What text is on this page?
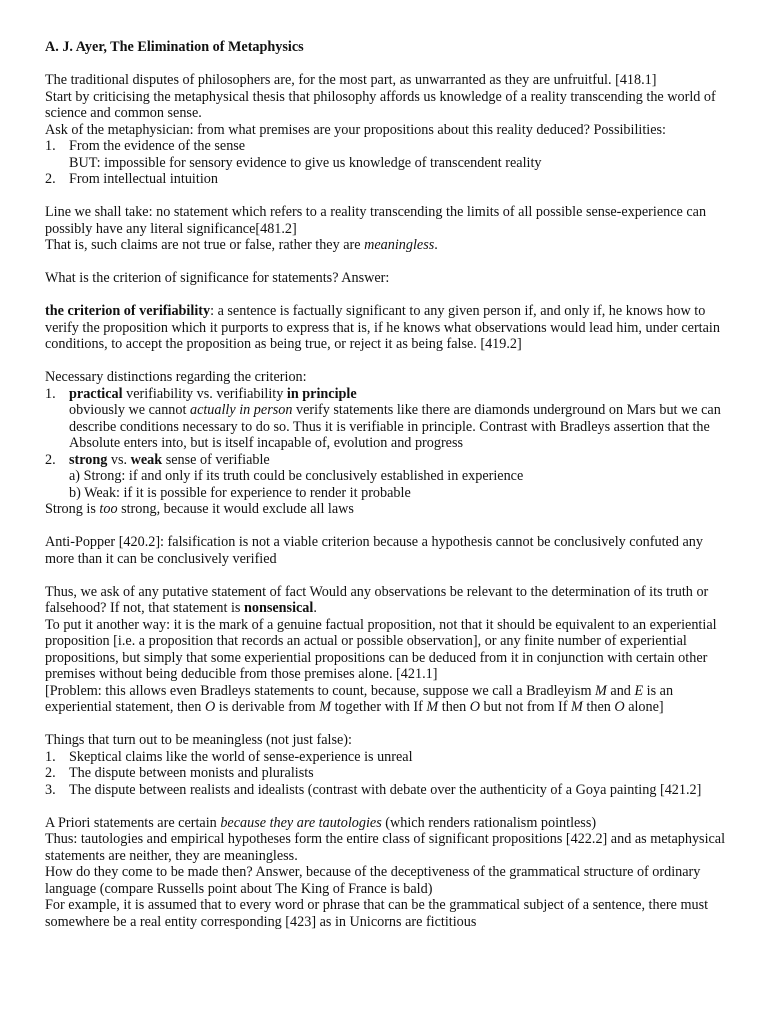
A. J. Ayer, The Elimination of Metaphysics

The traditional disputes of philosophers are, for the most part, as unwarranted as they are unfruitful. [418.1]

Start by criticising the metaphysical thesis that philosophy affords us knowledge of a reality transcending the world of science and common sense.

Ask of the metaphysician: from what premises are your propositions about this reality deduced? Possibilities:

1. From the evidence of the sense
BUT: impossible for sensory evidence to give us knowledge of transcendent reality
2. From intellectual intuition

Line we shall take: no statement which refers to a reality transcending the limits of all possible sense-experience can possibly have any literal significance[481.2]

That is, such claims are not true or false, rather they are meaningless.

What is the criterion of significance for statements? Answer:

the criterion of verifiability: a sentence is factually significant to any given person if, and only if, he knows how to verify the proposition which it purports to express that is, if he knows what observations would lead him, under certain conditions, to accept the proposition as being true, or reject it as being false. [419.2]

Necessary distinctions regarding the criterion:

1. practical verifiability vs. verifiability in principle
obviously we cannot actually in person verify statements like there are diamonds underground on Mars but we can describe conditions necessary to do so. Thus it is verifiable in principle. Contrast with Bradleys assertion that the Absolute enters into, but is itself incapable of, evolution and progress
2. strong vs. weak sense of verifiable
a) Strong: if and only if its truth could be conclusively established in experience
b) Weak: if it is possible for experience to render it probable

Strong is too strong, because it would exclude all laws

Anti-Popper [420.2]: falsification is not a viable criterion because a hypothesis cannot be conclusively confuted any more than it can be conclusively verified

Thus, we ask of any putative statement of fact Would any observations be relevant to the determination of its truth or falsehood? If not, that statement is nonsensical.

To put it another way: it is the mark of a genuine factual proposition, not that it should be equivalent to an experiential proposition [i.e. a proposition that records an actual or possible observation], or any finite number of experiential propositions, but simply that some experiential propositions can be deduced from it in conjunction with certain other premises without being deducible from those premises alone. [421.1]

[Problem: this allows even Bradleys statements to count, because, suppose we call a Bradleyism M and E is an experiential statement, then O is derivable from M together with If M then O but not from If M then O alone]

Things that turn out to be meaningless (not just false):

1. Skeptical claims like the world of sense-experience is unreal
2. The dispute between monists and pluralists
3. The dispute between realists and idealists (contrast with debate over the authenticity of a Goya painting [421.2]

A Priori statements are certain because they are tautologies (which renders rationalism pointless)

Thus: tautologies and empirical hypotheses form the entire class of significant propositions [422.2] and as metaphysical statements are neither, they are meaningless.

How do they come to be made then? Answer, because of the deceptiveness of the grammatical structure of ordinary language (compare Russells point about The King of France is bald)

For example, it is assumed that to every word or phrase that can be the grammatical subject of a sentence, there must somewhere be a real entity corresponding [423] as in Unicorns are fictitious
